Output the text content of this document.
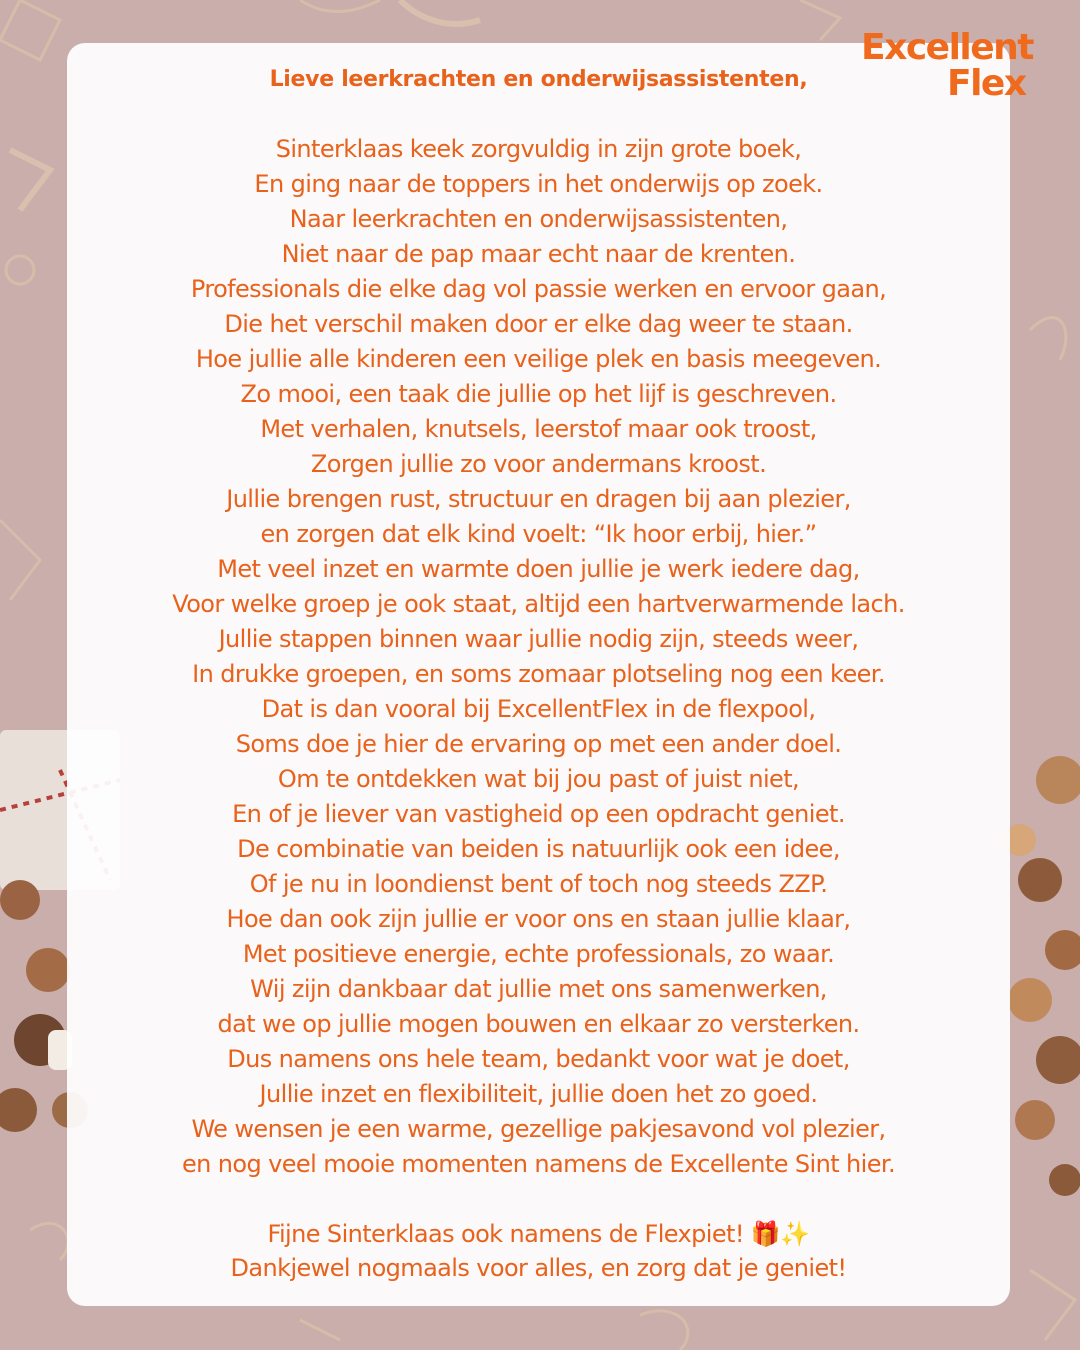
Excellent
Flex
Lieve leerkrachten en onderwijsassistenten,
Sinterklaas keek zorgvuldig in zijn grote boek,
En ging naar de toppers in het onderwijs op zoek.
Naar leerkrachten en onderwijsassistenten,
Niet naar de pap maar echt naar de krenten.
Professionals die elke dag vol passie werken en ervoor gaan,
Die het verschil maken door er elke dag weer te staan.
Hoe jullie alle kinderen een veilige plek en basis meegeven.
Zo mooi, een taak die jullie op het lijf is geschreven.
Met verhalen, knutsels, leerstof maar ook troost,
Zorgen jullie zo voor andermans kroost.
Jullie brengen rust, structuur en dragen bij aan plezier,
en zorgen dat elk kind voelt: “Ik hoor erbij, hier.”
Met veel inzet en warmte doen jullie je werk iedere dag,
Voor welke groep je ook staat, altijd een hartverwarmende lach.
Jullie stappen binnen waar jullie nodig zijn, steeds weer,
In drukke groepen, en soms zomaar plotseling nog een keer.
Dat is dan vooral bij ExcellentFlex in de flexpool,
Soms doe je hier de ervaring op met een ander doel.
Om te ontdekken wat bij jou past of juist niet,
En of je liever van vastigheid op een opdracht geniet.
De combinatie van beiden is natuurlijk ook een idee,
Of je nu in loondienst bent of toch nog steeds ZZP.
Hoe dan ook zijn jullie er voor ons en staan jullie klaar,
Met positieve energie, echte professionals, zo waar.
Wij zijn dankbaar dat jullie met ons samenwerken,
dat we op jullie mogen bouwen en elkaar zo versterken.
Dus namens ons hele team, bedankt voor wat je doet,
Jullie inzet en flexibiliteit, jullie doen het zo goed.
We wensen je een warme, gezellige pakjesavond vol plezier,
en nog veel mooie momenten namens de Excellente Sint hier.
Fijne Sinterklaas ook namens de Flexpiet! 🎁✨
Dankjewel nogmaals voor alles, en zorg dat je geniet!
